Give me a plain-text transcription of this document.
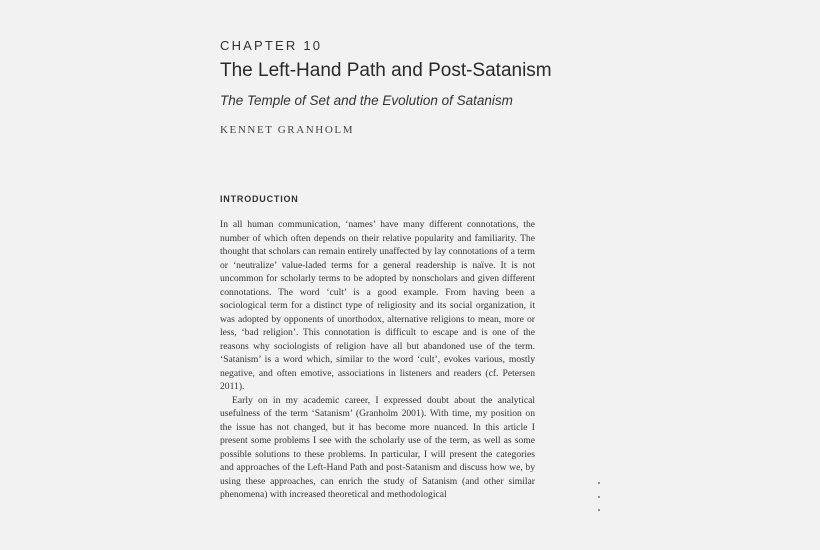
CHAPTER 10
The Left-Hand Path and Post-Satanism
The Temple of Set and the Evolution of Satanism
KENNET GRANHOLM
INTRODUCTION

In all human communication, ‘names’ have many different connotations, the number of which often depends on their relative popularity and familiarity. The thought that scholars can remain entirely unaffected by lay connotations of a term or ‘neutralize’ value-laded terms for a general readership is naïve. It is not uncommon for scholarly terms to be adopted by nonscholars and given different connotations. The word ‘cult’ is a good example. From having been a sociological term for a distinct type of religiosity and its social organization, it was adopted by opponents of unorthodox, alternative religions to mean, more or less, ‘bad religion’. This connotation is difficult to escape and is one of the reasons why sociologists of religion have all but abandoned use of the term. ‘Satanism’ is a word which, similar to the word ‘cult’, evokes various, mostly negative, and often emotive, associations in listeners and readers (cf. Petersen 2011).

Early on in my academic career, I expressed doubt about the analytical usefulness of the term ‘Satanism’ (Granholm 2001). With time, my position on the issue has not changed, but it has become more nuanced. In this article I present some problems I see with the scholarly use of the term, as well as some possible solutions to these problems. In particular, I will present the categories and approaches of the Left-Hand Path and post-Satanism and discuss how we, by using these approaches, can enrich the study of Satanism (and other similar phenomena) with increased theoretical and methodological
